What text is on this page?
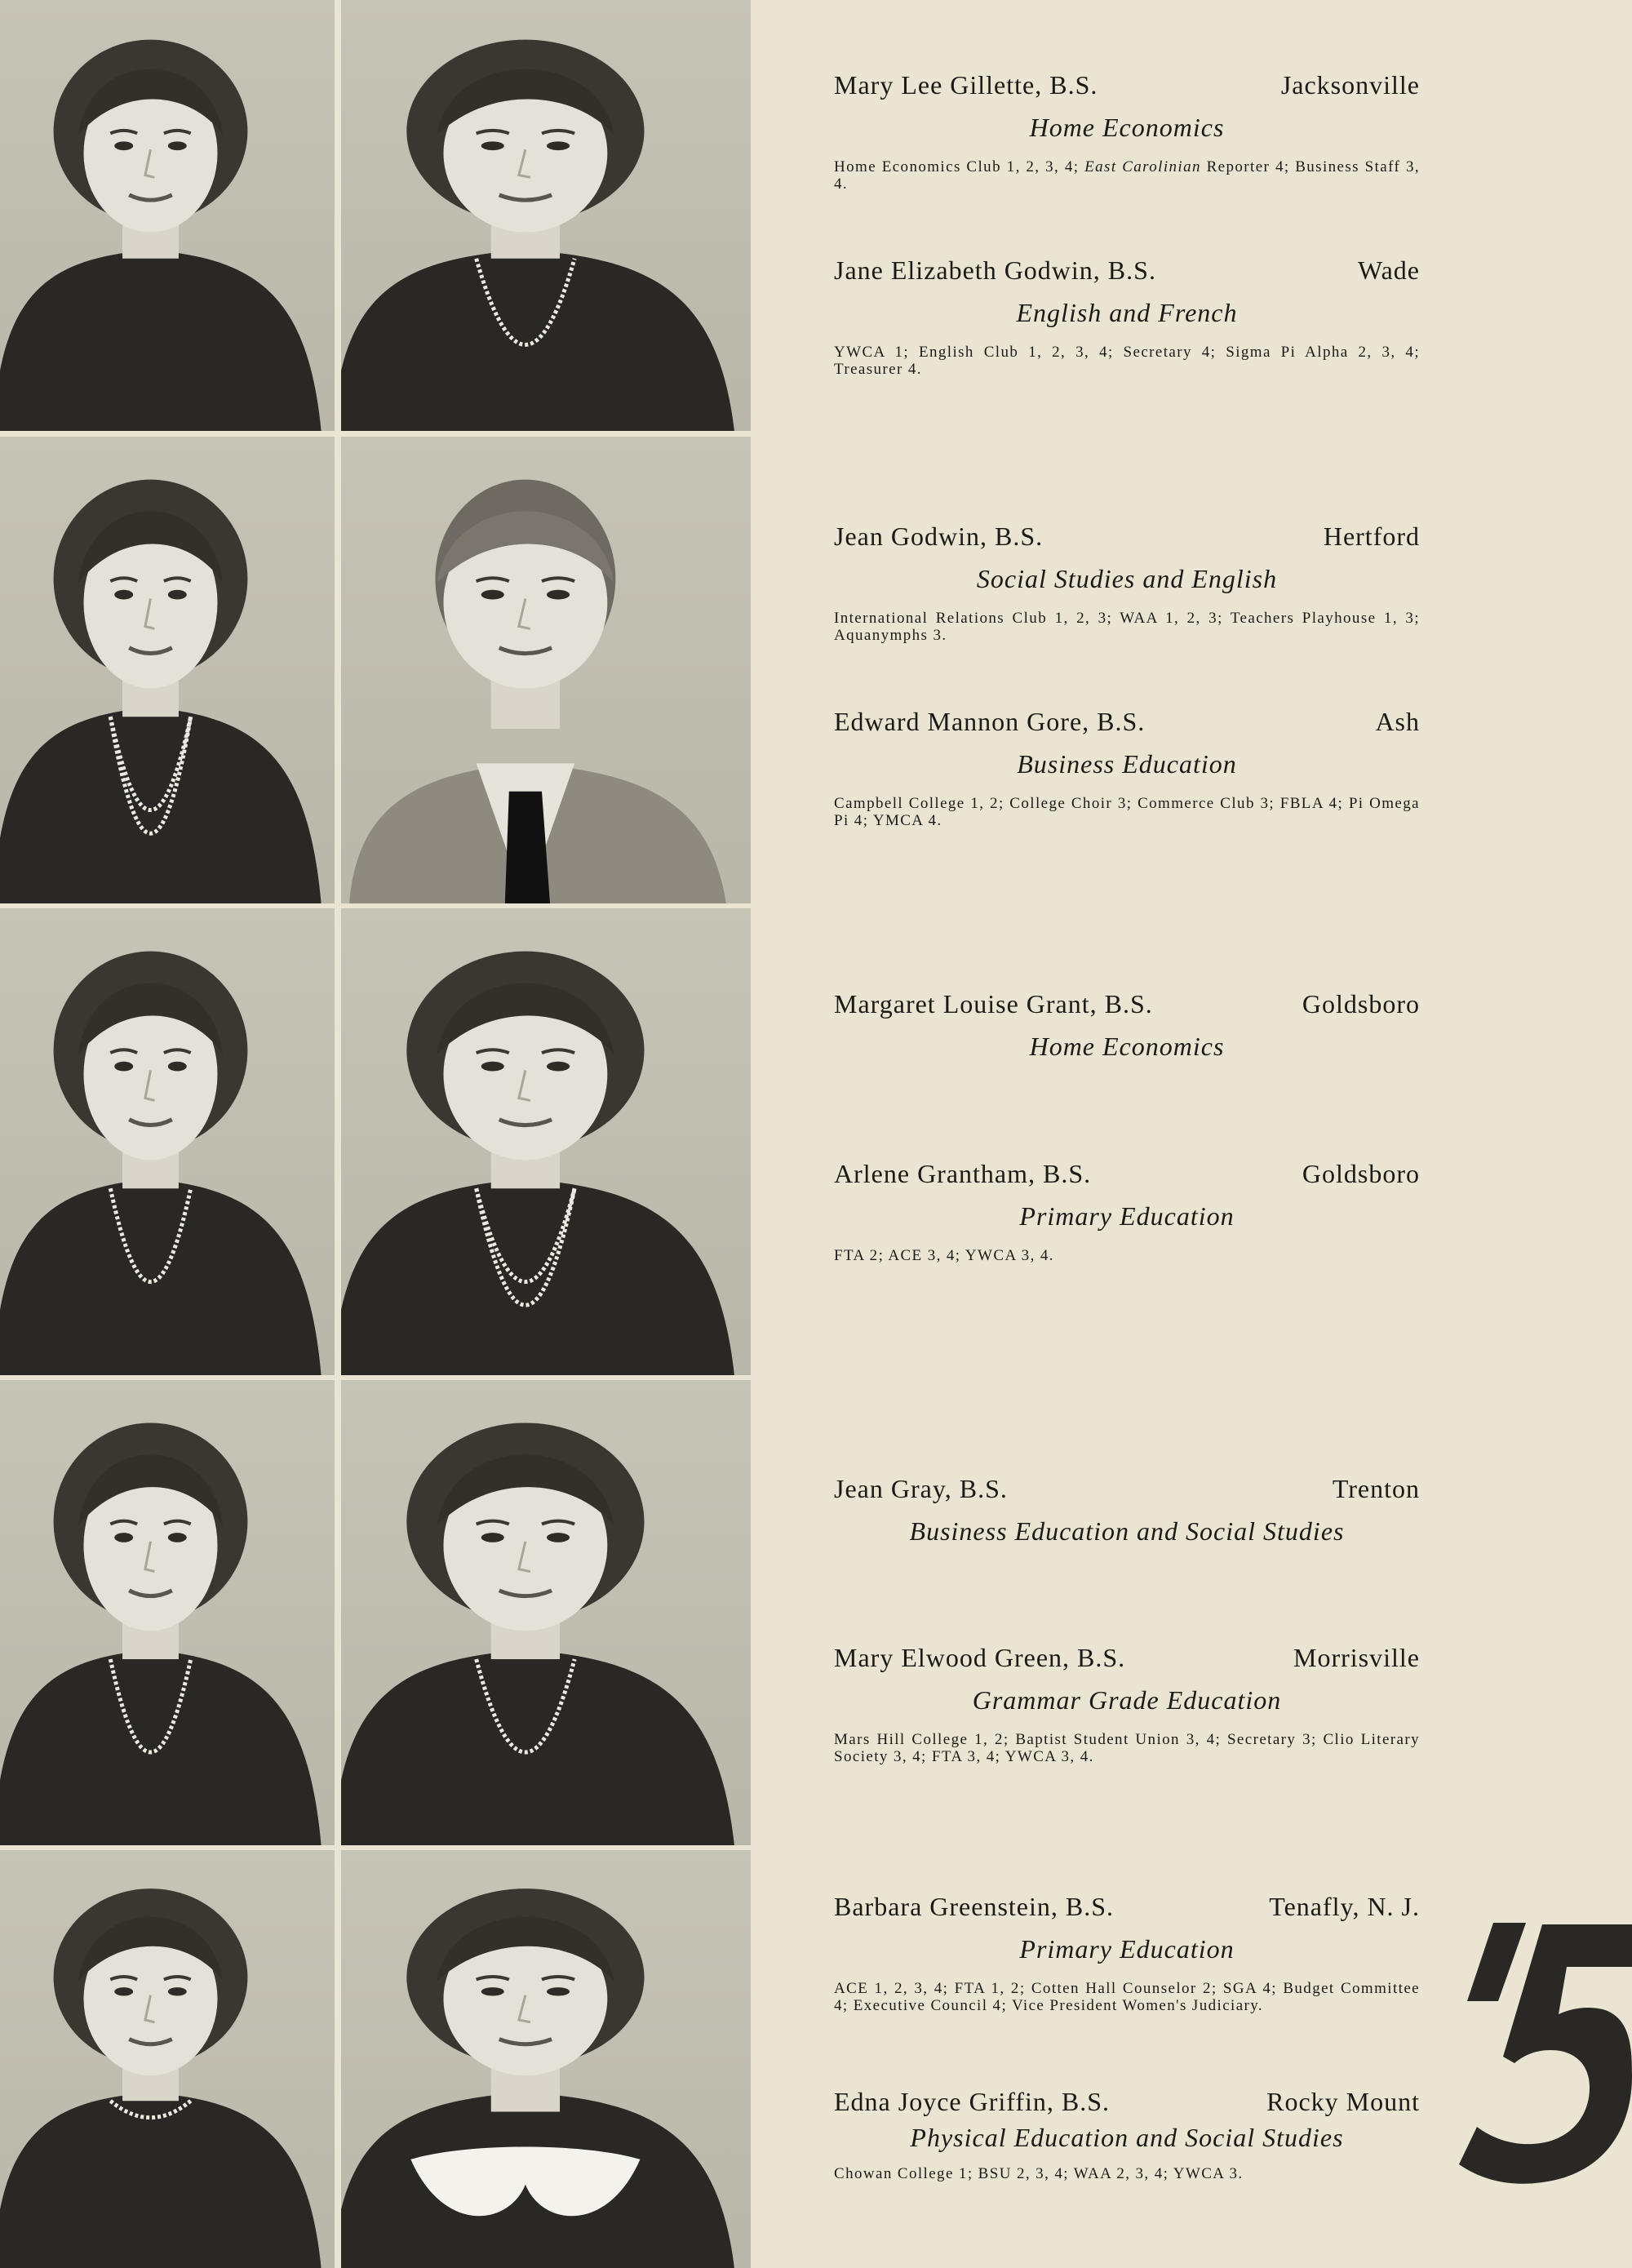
Mary Lee Gillette, B.S.	Jacksonville
Home Economics
Home Economics Club 1, 2, 3, 4; East Carolinian Reporter 4; Business Staff 3, 4.
Jane Elizabeth Godwin, B.S.	Wade
English and French
YWCA 1; English Club 1, 2, 3, 4; Secretary 4; Sigma Pi Alpha 2, 3, 4; Treasurer 4.
Jean Godwin, B.S.	Hertford
Social Studies and English
International Relations Club 1, 2, 3; WAA 1, 2, 3; Teachers Playhouse 1, 3; Aquanymphs 3.
Edward Mannon Gore, B.S.	Ash
Business Education
Campbell College 1, 2; College Choir 3; Commerce Club 3; FBLA 4; Pi Omega Pi 4; YMCA 4.
Margaret Louise Grant, B.S.	Goldsboro
Home Economics
Arlene Grantham, B.S.	Goldsboro
Primary Education
FTA 2; ACE 3, 4; YWCA 3, 4.
Jean Gray, B.S.	Trenton
Business Education and Social Studies
Mary Elwood Green, B.S.	Morrisville
Grammar Grade Education
Mars Hill College 1, 2; Baptist Student Union 3, 4; Secretary 3; Clio Literary Society 3, 4; FTA 3, 4; YWCA 3, 4.
Barbara Greenstein, B.S.	Tenafly, N. J.
Primary Education
ACE 1, 2, 3, 4; FTA 1, 2; Cotten Hall Counselor 2; SGA 4; Budget Committee 4; Executive Council 4; Vice President Women's Judiciary.
Edna Joyce Griffin, B.S.	Rocky Mount
Physical Education and Social Studies
Chowan College 1; BSU 2, 3, 4; WAA 2, 3, 4; YWCA 3.
